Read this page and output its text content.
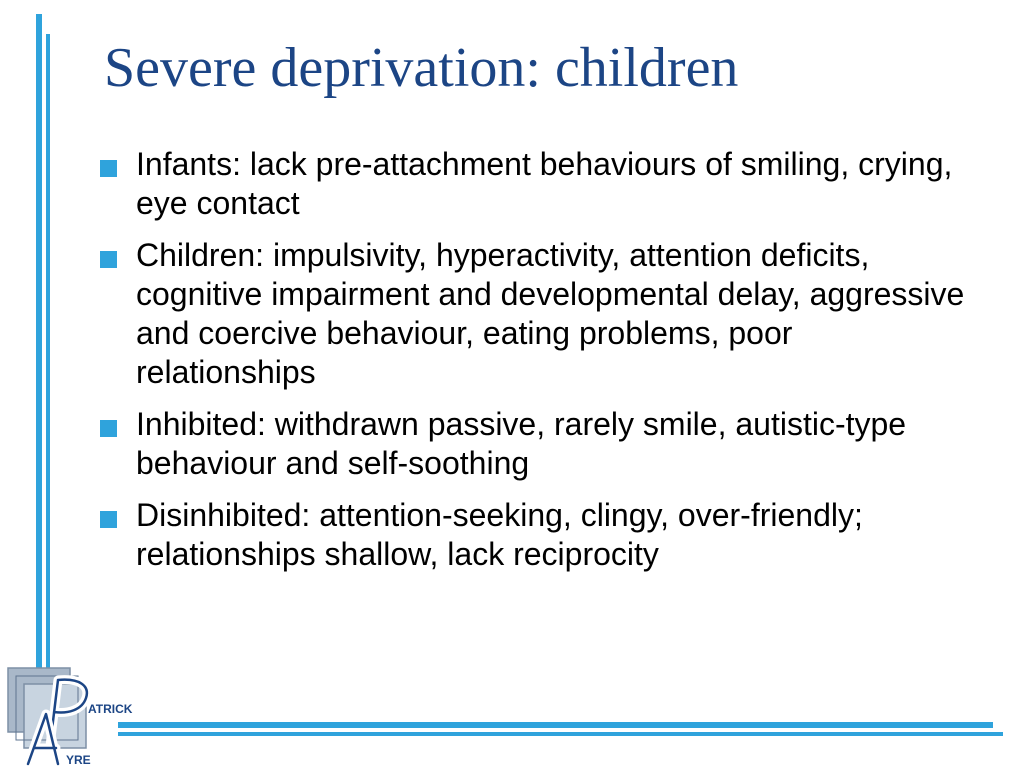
Severe deprivation: children
Infants: lack pre-attachment behaviours of smiling, crying, eye contact
Children: impulsivity, hyperactivity, attention deficits, cognitive impairment and developmental delay, aggressive and coercive behaviour, eating problems, poor relationships
Inhibited: withdrawn passive, rarely smile, autistic-type behaviour and self-soothing
Disinhibited: attention-seeking, clingy, over-friendly; relationships shallow, lack reciprocity
ATRICK
YRE
